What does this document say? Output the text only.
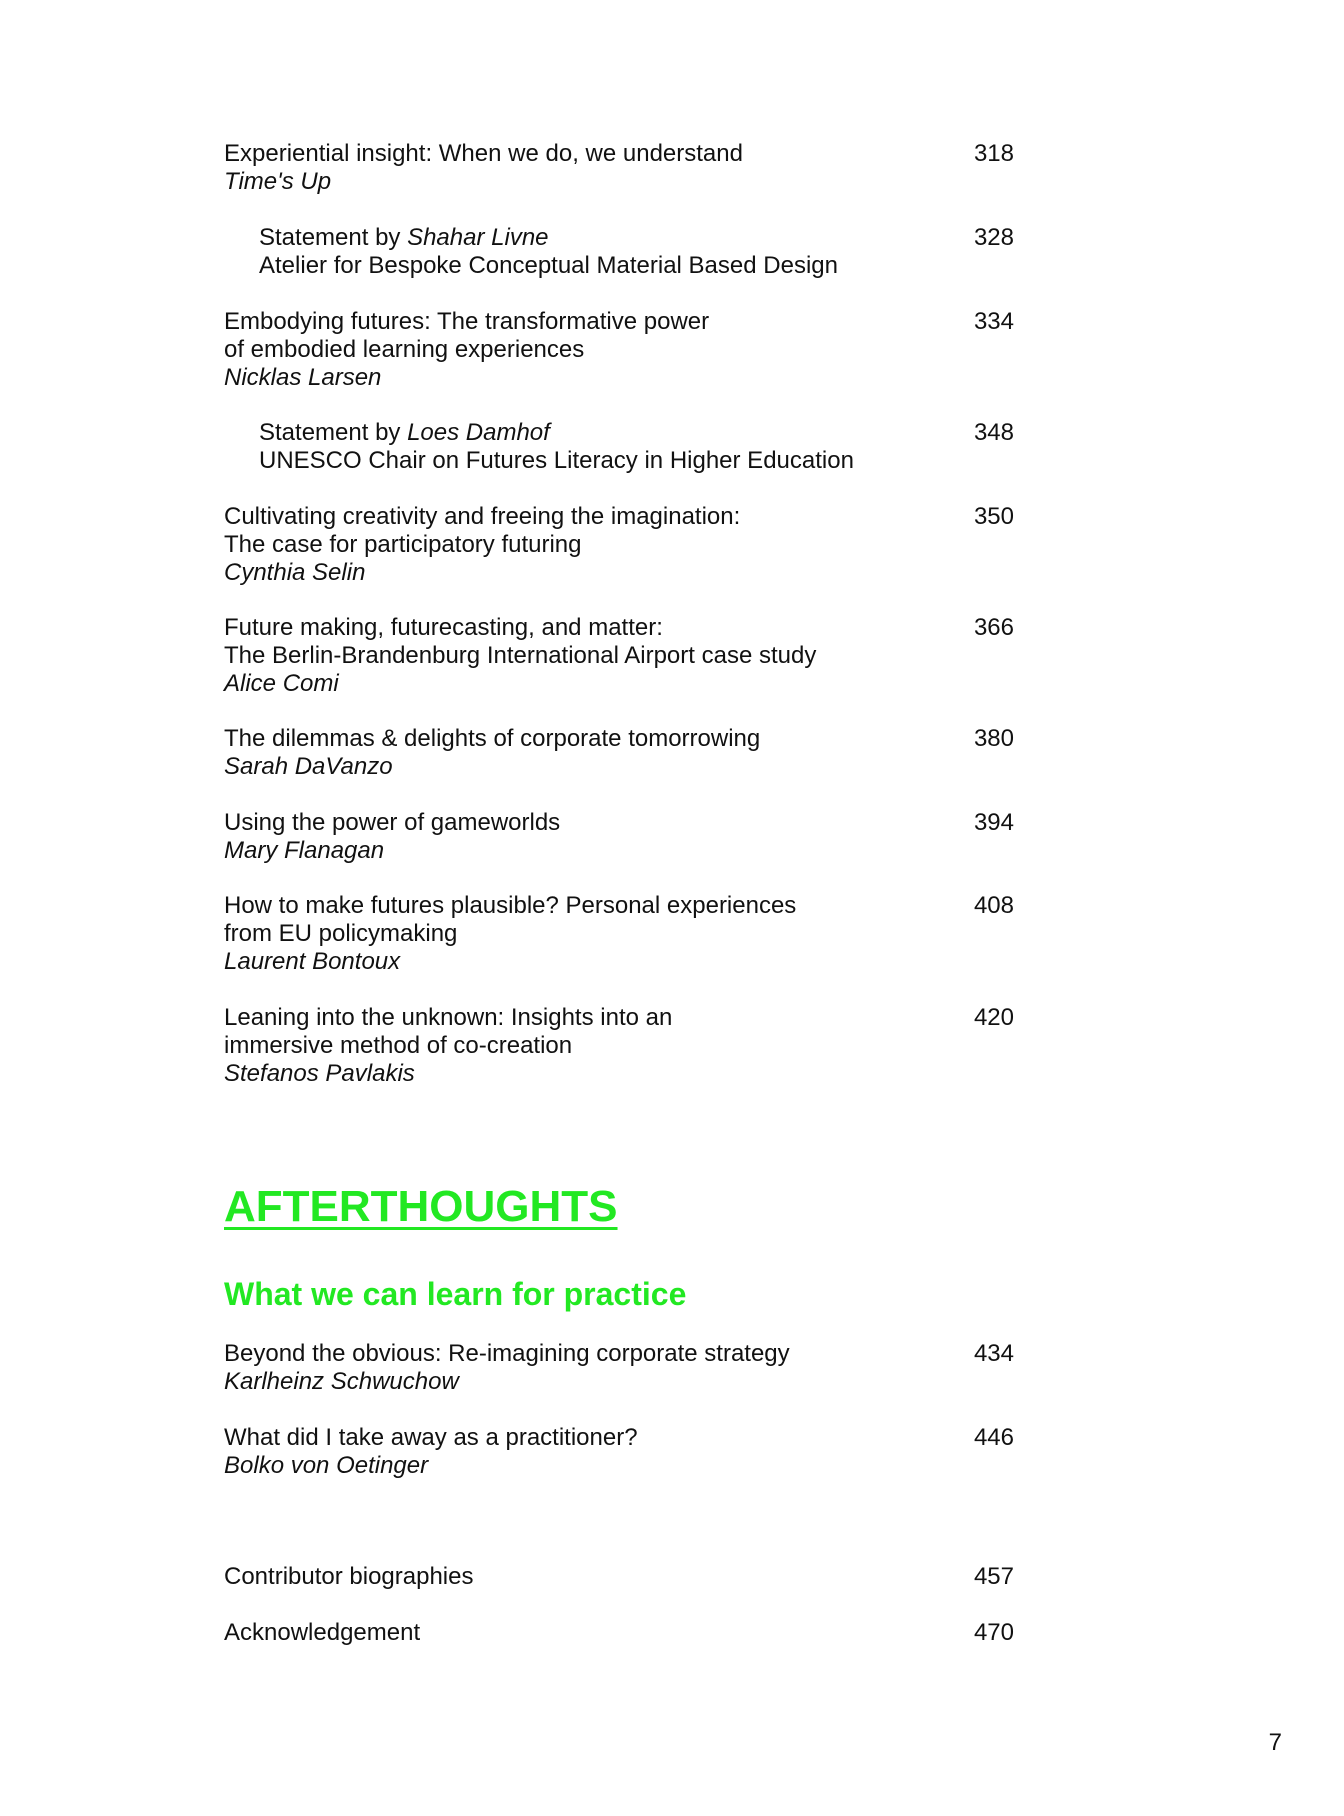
Experiential insight: When we do, we understand
Time's Up
318
Statement by Shahar Livne
Atelier for Bespoke Conceptual Material Based Design
328
Embodying futures: The transformative power
of embodied learning experiences
Nicklas Larsen
334
Statement by Loes Damhof
UNESCO Chair on Futures Literacy in Higher Education
348
Cultivating creativity and freeing the imagination:
The case for participatory futuring
Cynthia Selin
350
Future making, futurecasting, and matter:
The Berlin-Brandenburg International Airport case study
Alice Comi
366
The dilemmas & delights of corporate tomorrowing
Sarah DaVanzo
380
Using the power of gameworlds
Mary Flanagan
394
How to make futures plausible? Personal experiences
from EU policymaking
Laurent Bontoux
408
Leaning into the unknown: Insights into an
immersive method of co-creation
Stefanos Pavlakis
420
AFTERTHOUGHTS
What we can learn for practice
Beyond the obvious: Re-imagining corporate strategy
Karlheinz Schwuchow
434
What did I take away as a practitioner?
Bolko von Oetinger
446
Contributor biographies	457
Acknowledgement	470
7
